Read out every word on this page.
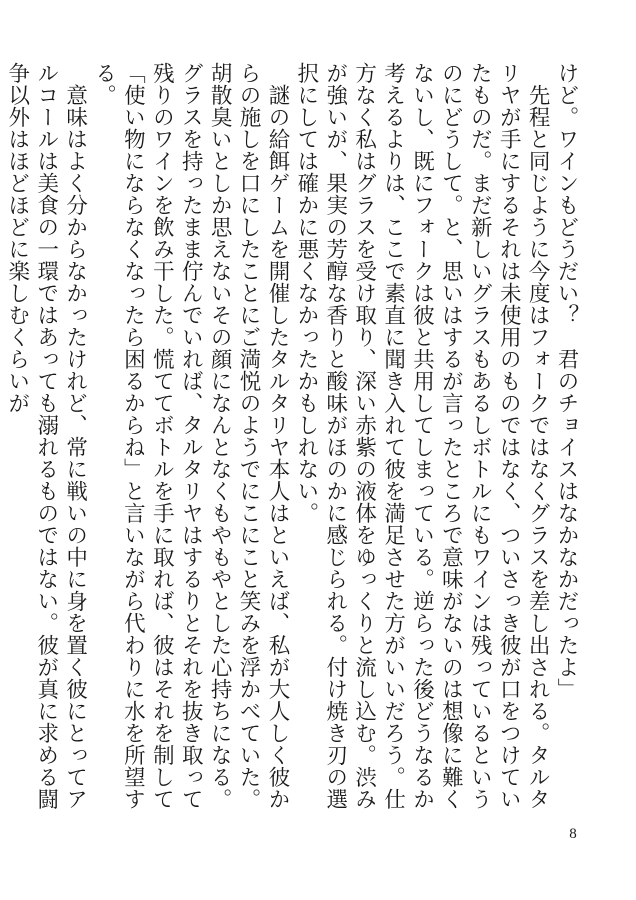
けど。ワインもどうだい？　君のチョイスはなかなかだったよ」

　先程と同じように今度はフォークではなくグラスを差し出される。タルタリヤが手にするそれは未使用のものではなく、ついさっき彼が口をつけていたものだ。まだ新しいグラスもあるしボトルにもワインは残っているというのにどうして。と、思いはするが言ったところで意味がないのは想像に難くないし、既にフォークは彼と共用してしまっている。逆らった後どうなるか考えるよりは、ここで素直に聞き入れて彼を満足させた方がいいだろう。仕方なく私はグラスを受け取り、深い赤紫の液体をゆっくりと流し込む。渋みが強いが、果実の芳醇な香りと酸味がほのかに感じられる。付け焼き刃の選択にしては確かに悪くなかったかもしれない。

　謎の給餌ゲームを開催したタルタリヤ本人はといえば、私が大人しく彼からの施しを口にしたことにご満悦のようでにこにこと笑みを浮かべていた。胡散臭いとしか思えないその顔になんとなくもやもやとした心持ちになる。グラスを持ったまま佇んでいれば、タルタリヤはするりとそれを抜き取って残りのワインを飲み干した。慌ててボトルを手に取れば、彼はそれを制して「使い物にならなくなったら困るからね」と言いながら代わりに水を所望する。

　意味はよく分からなかったけれど、常に戦いの中に身を置く彼にとってアルコールは美食の一環ではあっても溺れるものではない。彼が真に求める闘争以外はほどほどに楽しむくらいが

8
